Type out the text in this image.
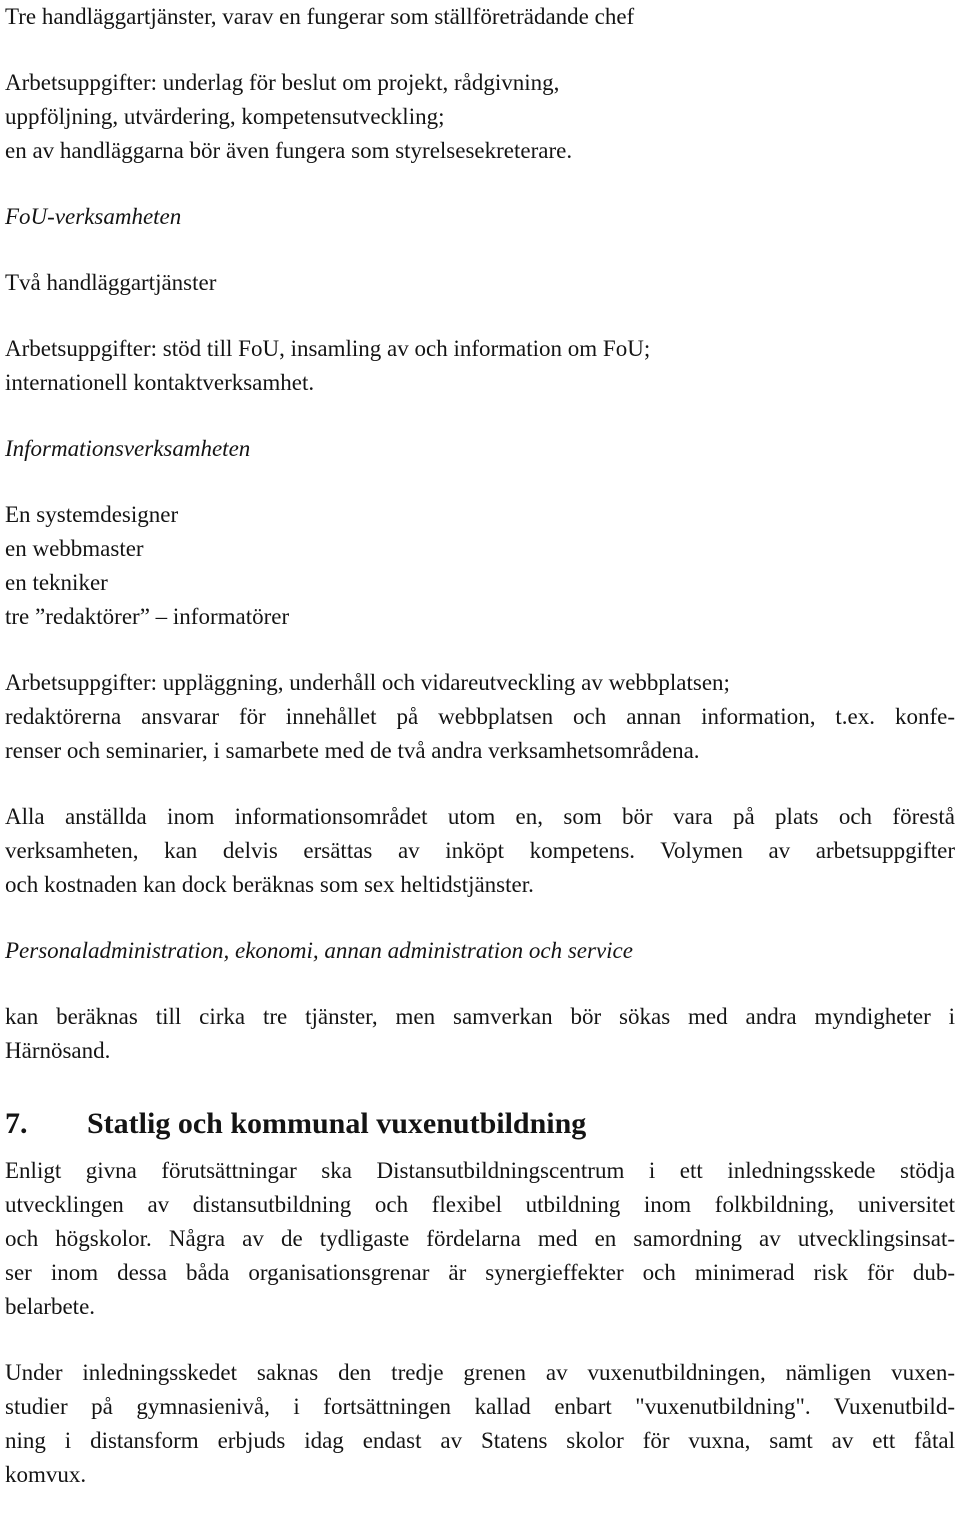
Tre handläggartjänster, varav en fungerar som ställföreträdande chef
Arbetsuppgifter: underlag för beslut om projekt, rådgivning,
uppföljning, utvärdering, kompetensutveckling;
en av handläggarna bör även fungera som styrelsesekreterare.
FoU-verksamheten
Två handläggartjänster
Arbetsuppgifter: stöd till FoU, insamling av och information om FoU;
internationell kontaktverksamhet.
Informationsverksamheten
En systemdesigner
en webbmaster
en tekniker
tre ”redaktörer” – informatörer
Arbetsuppgifter: uppläggning, underhåll och vidareutveckling av webbplatsen;
redaktörerna ansvarar för innehållet på webbplatsen och annan information, t.ex. konfe-
renser och seminarier, i samarbete med de två andra verksamhetsområdena.
Alla anställda inom informationsområdet utom en, som bör vara på plats och förestå
verksamheten, kan delvis ersättas av inköpt kompetens. Volymen av arbetsuppgifter
och kostnaden kan dock beräknas som sex heltidstjänster.
Personaladministration, ekonomi, annan administration och service
kan beräknas till cirka tre tjänster, men samverkan bör sökas med andra myndigheter i
Härnösand.
7.	Statlig och kommunal vuxenutbildning
Enligt givna förutsättningar ska Distansutbildningscentrum i ett inledningsskede stödja
utvecklingen av distansutbildning och flexibel utbildning inom folkbildning, universitet
och högskolor. Några av de tydligaste fördelarna med en samordning av utvecklingsinsat-
ser inom dessa båda organisationsgrenar är synergieffekter och minimerad risk för dub-
belarbete.
Under inledningsskedet saknas den tredje grenen av vuxenutbildningen, nämligen vuxen-
studier på gymnasienivå, i fortsättningen kallad enbart "vuxenutbildning". Vuxenutbild-
ning i distansform erbjuds idag endast av Statens skolor för vuxna, samt av ett fåtal
komvux.
